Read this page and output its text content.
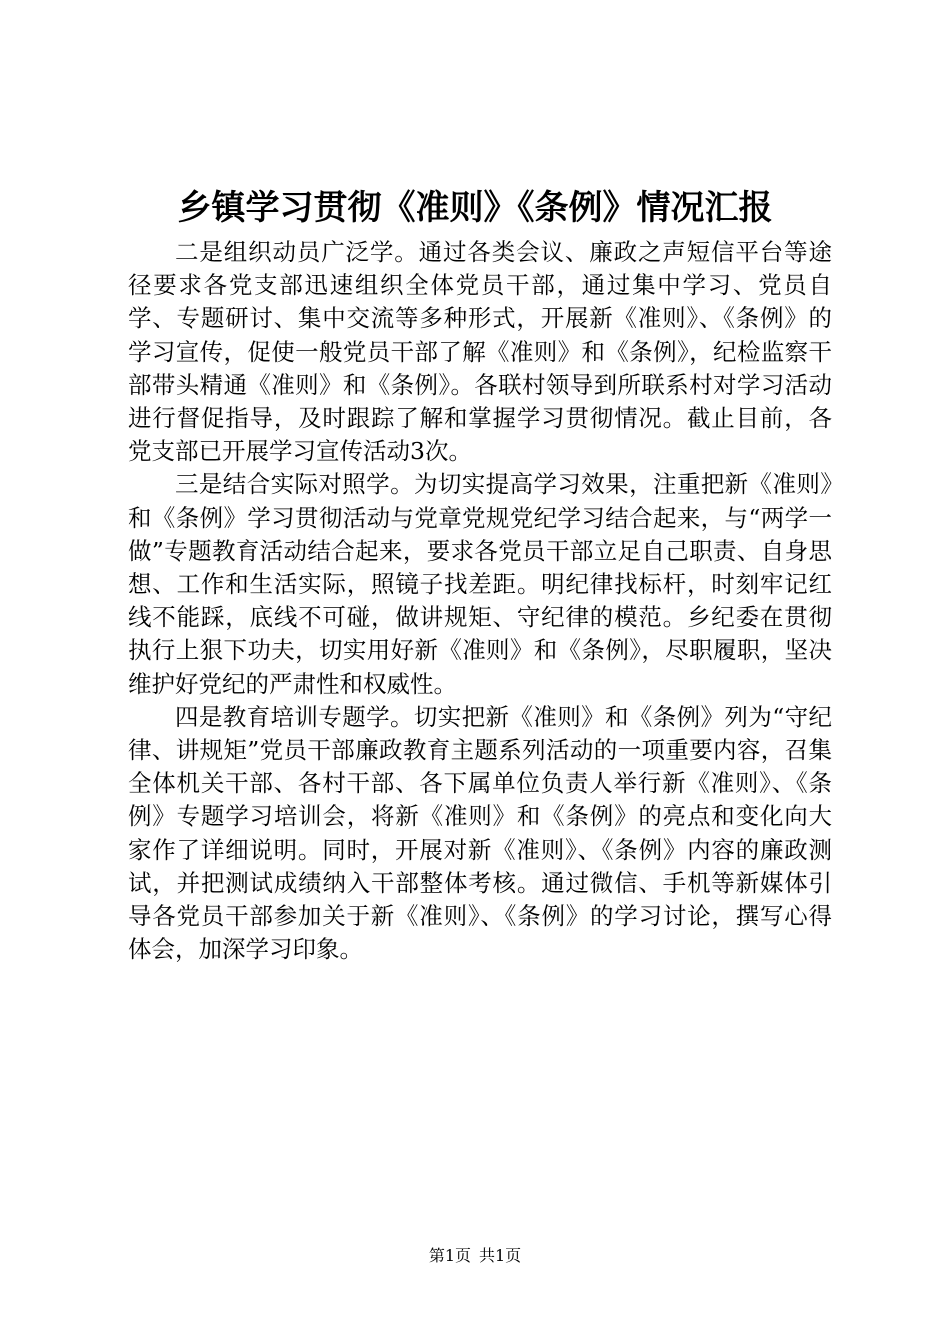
乡镇学习贯彻《准则》《条例》情况汇报

二是组织动员广泛学。通过各类会议、廉政之声短信平台等途径要求各党支部迅速组织全体党员干部，通过集中学习、党员自学、专题研讨、集中交流等多种形式，开展新《准则》、《条例》的学习宣传，促使一般党员干部了解《准则》和《条例》，纪检监察干部带头精通《准则》和《条例》。各联村领导到所联系村对学习活动进行督促指导，及时跟踪了解和掌握学习贯彻情况。截止目前，各党支部已开展学习宣传活动3次。

三是结合实际对照学。为切实提高学习效果，注重把新《准则》和《条例》学习贯彻活动与党章党规党纪学习结合起来，与“两学一做”专题教育活动结合起来，要求各党员干部立足自己职责、自身思想、工作和生活实际，照镜子找差距。明纪律找标杆，时刻牢记红线不能踩，底线不可碰，做讲规矩、守纪律的模范。乡纪委在贯彻执行上狠下功夫，切实用好新《准则》和《条例》，尽职履职，坚决维护好党纪的严肃性和权威性。

四是教育培训专题学。切实把新《准则》和《条例》列为“守纪律、讲规矩”党员干部廉政教育主题系列活动的一项重要内容，召集全体机关干部、各村干部、各下属单位负责人举行新《准则》、《条例》专题学习培训会，将新《准则》和《条例》的亮点和变化向大家作了详细说明。同时，开展对新《准则》、《条例》内容的廉政测试，并把测试成绩纳入干部整体考核。通过微信、手机等新媒体引导各党员干部参加关于新《准则》、《条例》的学习讨论，撰写心得体会，加深学习印象。

第1页 共1页
